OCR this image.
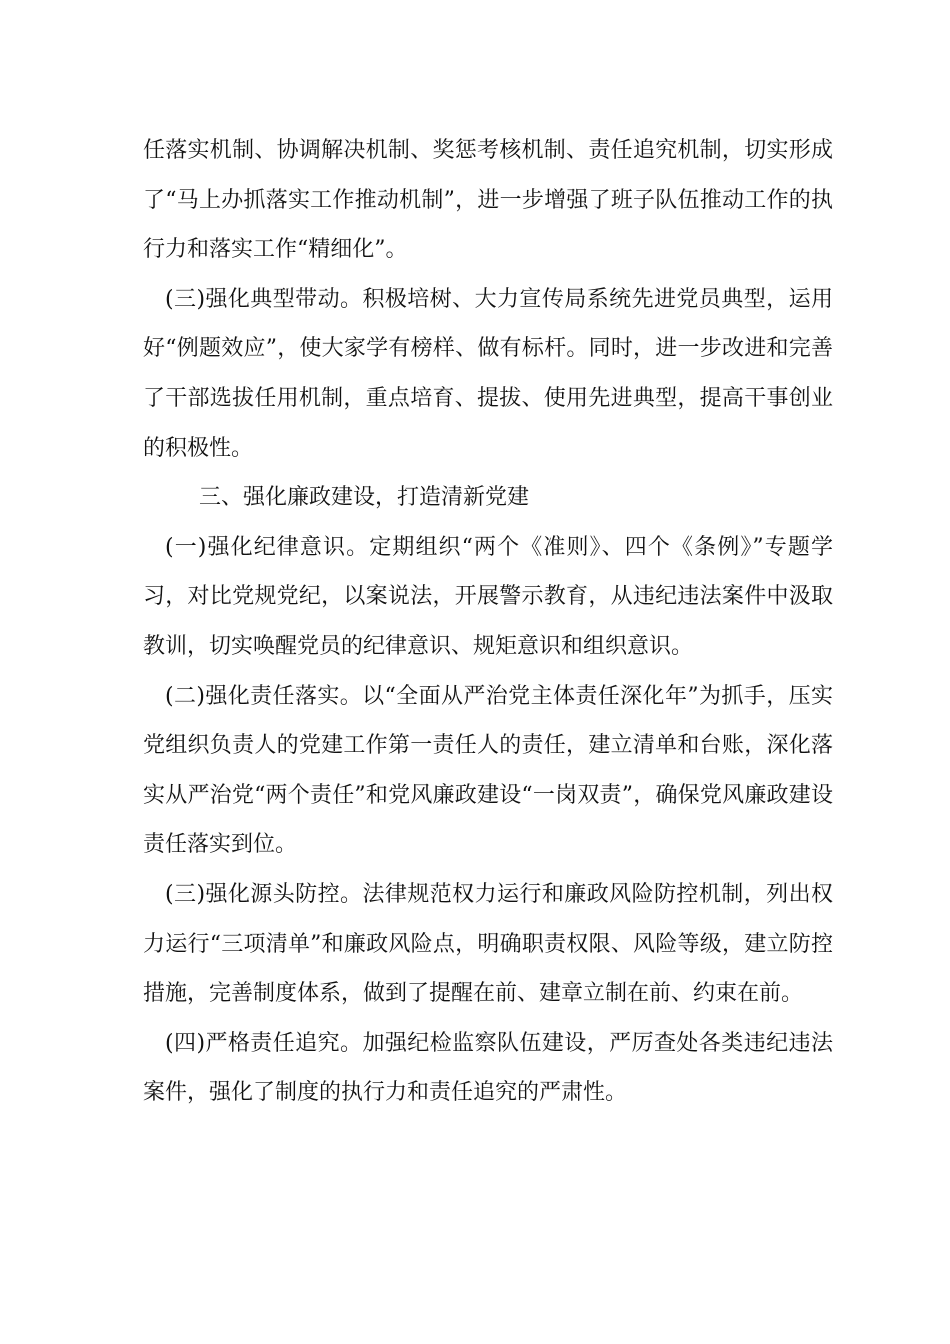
任落实机制、协调解决机制、奖惩考核机制、责任追究机制，切实形成了“马上办抓落实工作推动机制”，进一步增强了班子队伍推动工作的执行力和落实工作“精细化”。

(三)强化典型带动。积极培树、大力宣传局系统先进党员典型，运用好“例题效应”，使大家学有榜样、做有标杆。同时，进一步改进和完善了干部选拔任用机制，重点培育、提拔、使用先进典型，提高干事创业的积极性。

三、强化廉政建设，打造清新党建

(一)强化纪律意识。定期组织“两个《准则》、四个《条例》”专题学习，对比党规党纪，以案说法，开展警示教育，从违纪违法案件中汲取教训，切实唤醒党员的纪律意识、规矩意识和组织意识。

(二)强化责任落实。以“全面从严治党主体责任深化年”为抓手，压实党组织负责人的党建工作第一责任人的责任，建立清单和台账，深化落实从严治党“两个责任”和党风廉政建设“一岗双责”，确保党风廉政建设责任落实到位。

(三)强化源头防控。法律规范权力运行和廉政风险防控机制，列出权力运行“三项清单”和廉政风险点，明确职责权限、风险等级，建立防控措施，完善制度体系，做到了提醒在前、建章立制在前、约束在前。

(四)严格责任追究。加强纪检监察队伍建设，严厉查处各类违纪违法案件，强化了制度的执行力和责任追究的严肃性。
